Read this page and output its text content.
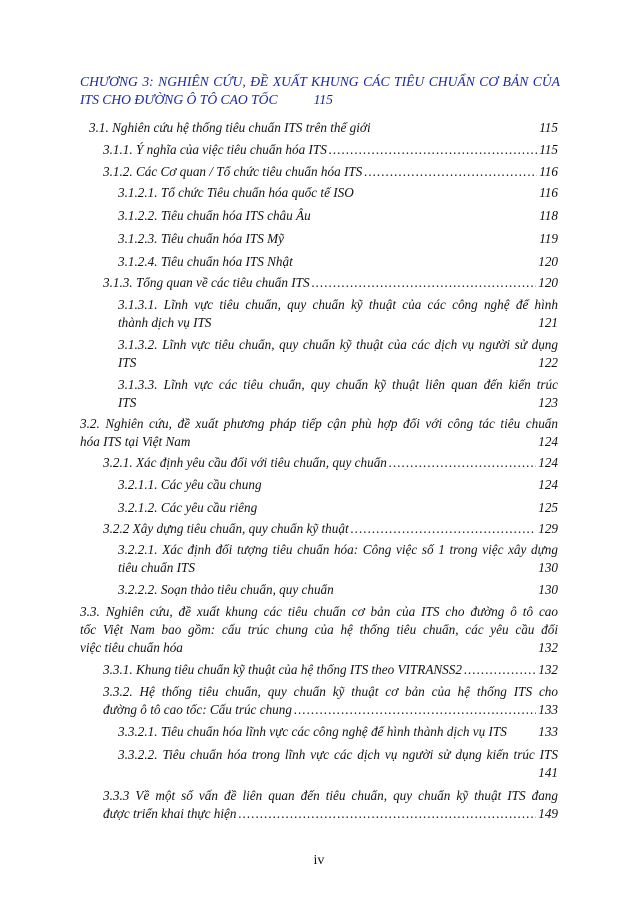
CHƯƠNG 3: NGHIÊN CỨU, ĐỀ XUẤT KHUNG CÁC TIÊU CHUẨN CƠ BẢN CỦA
ITS CHO ĐƯỜNG Ô TÔ CAO TỐC	115
3.1. Nghiên cứu hệ thống tiêu chuẩn ITS trên thế giới	115
3.1.1. Ý nghĩa của việc tiêu chuẩn hóa ITS .....	115
3.1.2. Các Cơ quan / Tổ chức tiêu chuẩn hóa ITS .....	116
3.1.2.1. Tổ chức Tiêu chuẩn hóa quốc tế ISO	116
3.1.2.2. Tiêu chuẩn hóa ITS châu Âu	118
3.1.2.3. Tiêu chuẩn hóa ITS Mỹ	119
3.1.2.4. Tiêu chuẩn hóa ITS Nhật	120
3.1.3. Tổng quan về các tiêu chuẩn ITS .....	120
3.1.3.1. Lĩnh vực tiêu chuẩn, quy chuẩn kỹ thuật của các công nghệ để hình
thành dịch vụ ITS	121
3.1.3.2. Lĩnh vực tiêu chuẩn, quy chuẩn kỹ thuật của các dịch vụ người sử dụng
ITS	122
3.1.3.3. Lĩnh vực các tiêu chuẩn, quy chuẩn kỹ thuật liên quan đến kiến trúc
ITS	123
3.2. Nghiên cứu, đề xuất phương pháp tiếp cận phù hợp đối với công tác tiêu chuẩn
hóa ITS tại Việt Nam	124
3.2.1. Xác định yêu cầu đối với tiêu chuẩn, quy chuẩn .....	124
3.2.1.1. Các yêu cầu chung	124
3.2.1.2. Các yêu cầu riêng	125
3.2.2 Xây dựng tiêu chuẩn, quy chuẩn kỹ thuật .....	129
3.2.2.1. Xác định đối tượng tiêu chuẩn hóa: Công việc số 1 trong việc xây dựng
tiêu chuẩn ITS	130
3.2.2.2. Soạn thảo tiêu chuẩn, quy chuẩn	130
3.3. Nghiên cứu, đề xuất khung các tiêu chuẩn cơ bản của ITS cho đường ô tô cao
tốc Việt Nam bao gồm: cấu trúc chung của hệ thống tiêu chuẩn, các yêu cầu đối
việc tiêu chuẩn hóa	132
3.3.1. Khung tiêu chuẩn kỹ thuật của hệ thống ITS theo VITRANSS2 .....	132
3.3.2. Hệ thống tiêu chuẩn, quy chuẩn kỹ thuật cơ bản của hệ thống ITS cho
đường ô tô cao tốc: Cấu trúc chung .....	133
3.3.2.1. Tiêu chuẩn hóa lĩnh vực các công nghệ để hình thành dịch vụ ITS 133
3.3.2.2. Tiêu chuẩn hóa trong lĩnh vực các dịch vụ người sử dụng kiến trúc ITS
141
3.3.3 Về một số vấn đề liên quan đến tiêu chuẩn, quy chuẩn kỹ thuật ITS đang
được triển khai thực hiện .....	149
iv
